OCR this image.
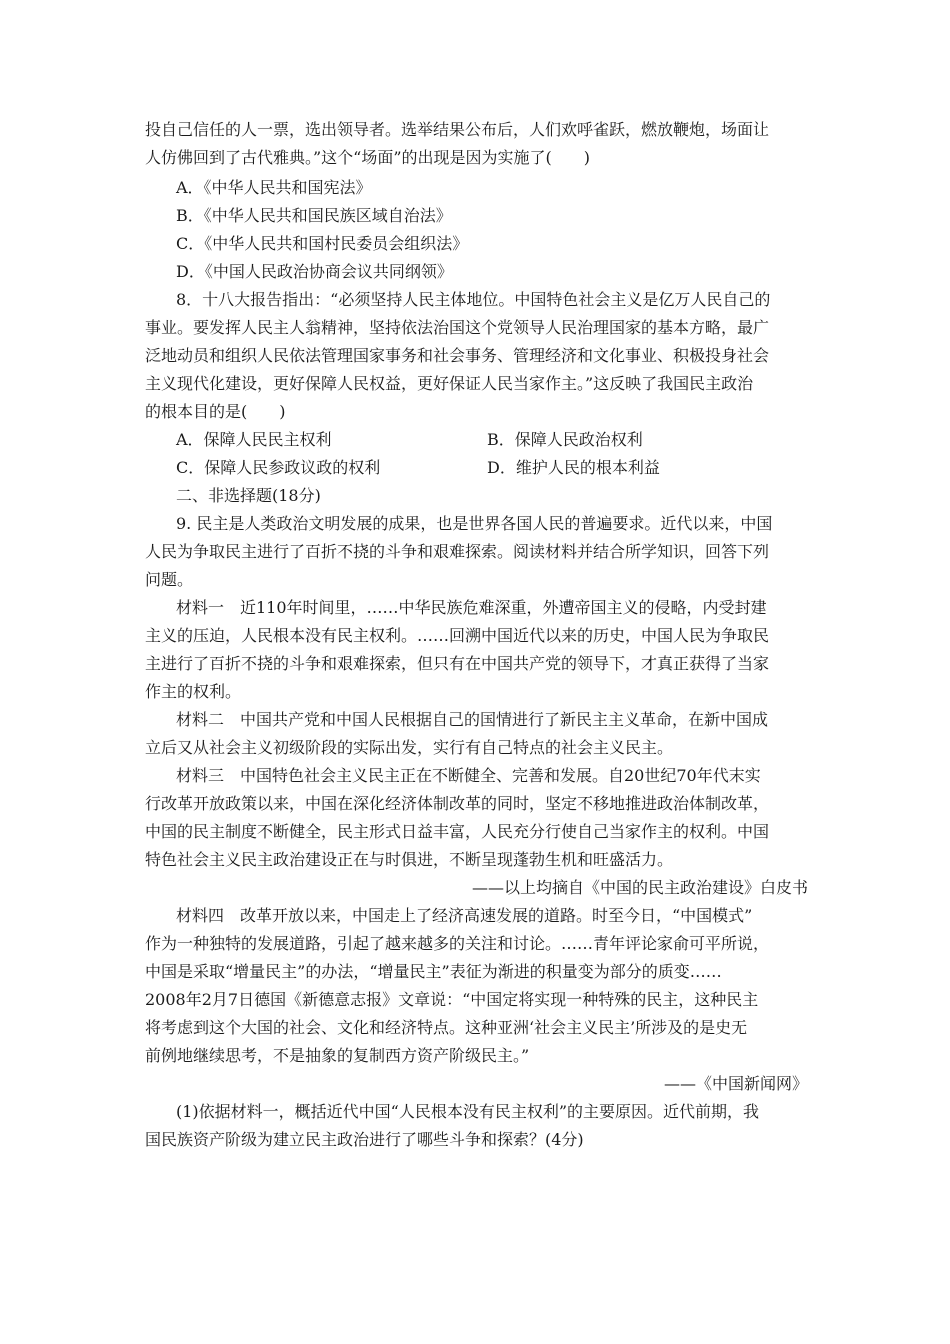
投自己信任的人一票，选出领导者。选举结果公布后，人们欢呼雀跃，燃放鞭炮，场面让
人仿佛回到了古代雅典。”这个“场面”的出现是因为实施了(　　)
A．《中华人民共和国宪法》
B．《中华人民共和国民族区域自治法》
C．《中华人民共和国村民委员会组织法》
D．《中国人民政治协商会议共同纲领》
8．十八大报告指出：“必须坚持人民主体地位。中国特色社会主义是亿万人民自己的
事业。要发挥人民主人翁精神，坚持依法治国这个党领导人民治理国家的基本方略，最广
泛地动员和组织人民依法管理国家事务和社会事务、管理经济和文化事业、积极投身社会
主义现代化建设，更好保障人民权益，更好保证人民当家作主。”这反映了我国民主政治
的根本目的是(　　)
A．保障人民民主权利	B．保障人民政治权利
C．保障人民参政议政的权利	D．维护人民的根本利益
二、非选择题(18分)
9. 民主是人类政治文明发展的成果，也是世界各国人民的普遍要求。近代以来，中国
人民为争取民主进行了百折不挠的斗争和艰难探索。阅读材料并结合所学知识，回答下列
问题。
材料一　近110年时间里，……中华民族危难深重，外遭帝国主义的侵略，内受封建
主义的压迫，人民根本没有民主权利。……回溯中国近代以来的历史，中国人民为争取民
主进行了百折不挠的斗争和艰难探索，但只有在中国共产党的领导下，才真正获得了当家
作主的权利。
材料二　中国共产党和中国人民根据自己的国情进行了新民主主义革命，在新中国成
立后又从社会主义初级阶段的实际出发，实行有自己特点的社会主义民主。
材料三　中国特色社会主义民主正在不断健全、完善和发展。自20世纪70年代末实
行改革开放政策以来，中国在深化经济体制改革的同时，坚定不移地推进政治体制改革，
中国的民主制度不断健全，民主形式日益丰富，人民充分行使自己当家作主的权利。中国
特色社会主义民主政治建设正在与时俱进，不断呈现蓬勃生机和旺盛活力。
——以上均摘自《中国的民主政治建设》白皮书
材料四　改革开放以来，中国走上了经济高速发展的道路。时至今日，“中国模式”
作为一种独特的发展道路，引起了越来越多的关注和讨论。……青年评论家俞可平所说，
中国是采取“增量民主”的办法，“增量民主”表征为渐进的积量变为部分的质变……
2008年2月7日德国《新德意志报》文章说：“中国定将实现一种特殊的民主，这种民主
将考虑到这个大国的社会、文化和经济特点。这种亚洲‘社会主义民主’所涉及的是史无
前例地继续思考，不是抽象的复制西方资产阶级民主。”
——《中国新闻网》
(1)依据材料一，概括近代中国“人民根本没有民主权利”的主要原因。近代前期，我
国民族资产阶级为建立民主政治进行了哪些斗争和探索？(4分)
